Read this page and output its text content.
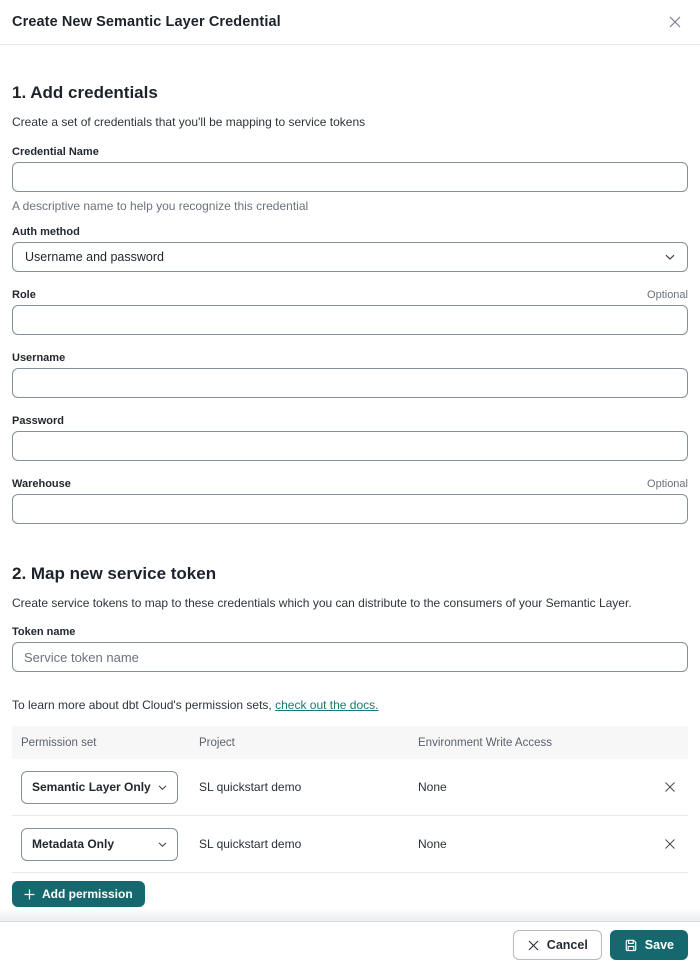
Create New Semantic Layer Credential
1. Add credentials

Create a set of credentials that you'll be mapping to service tokens

Credential Name
A descriptive name to help you recognize this credential
Auth method
Username and password
Role	Optional
Username
Password
Warehouse	Optional
2. Map new service token

Create service tokens to map to these credentials which you can distribute to the consumers of your Semantic Layer.

Token name
Service token name

To learn more about dbt Cloud's permission sets, check out the docs.

Permission set	Project	Environment Write Access
Semantic Layer Only	SL quickstart demo	None
Metadata Only	SL quickstart demo	None
Add permission
Cancel	Save
